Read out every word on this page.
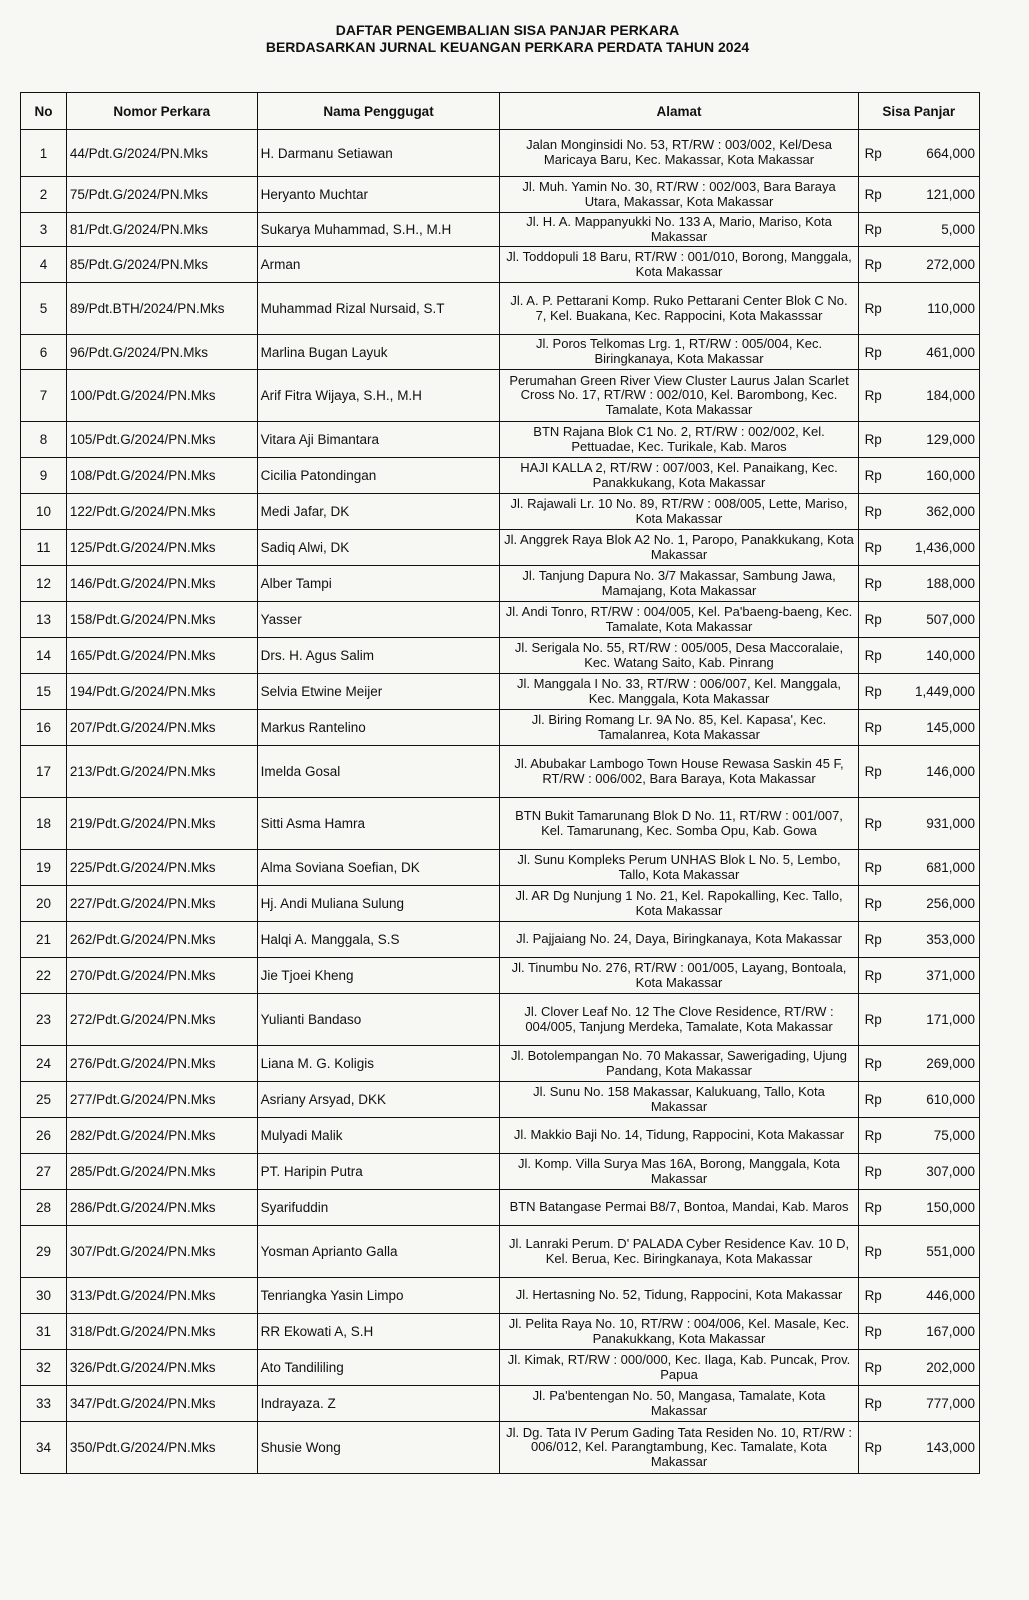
DAFTAR PENGEMBALIAN SISA PANJAR PERKARA
BERDASARKAN JURNAL KEUANGAN PERKARA PERDATA TAHUN 2024
No	Nomor Perkara	Nama Penggugat	Alamat	Sisa Panjar
1	44/Pdt.G/2024/PN.Mks	H. Darmanu Setiawan	Jalan Monginsidi No. 53, RT/RW : 003/002, Kel/Desa Maricaya Baru, Kec. Makassar, Kota Makassar	Rp 664,000

2	75/Pdt.G/2024/PN.Mks	Heryanto Muchtar	Jl. Muh. Yamin No. 30, RT/RW : 002/003, Bara Baraya Utara, Makassar, Kota Makassar	Rp 121,000

3	81/Pdt.G/2024/PN.Mks	Sukarya Muhammad, S.H., M.H	Jl. H. A. Mappanyukki No. 133 A, Mario, Mariso, Kota Makassar	Rp 5,000

4	85/Pdt.G/2024/PN.Mks	Arman	Jl. Toddopuli 18 Baru, RT/RW : 001/010, Borong, Manggala, Kota Makassar	Rp 272,000

5	89/Pdt.BTH/2024/PN.Mks	Muhammad Rizal Nursaid, S.T	Jl. A. P. Pettarani Komp. Ruko Pettarani Center Blok C No. 7, Kel. Buakana, Kec. Rappocini, Kota Makasssar	Rp 110,000

6	96/Pdt.G/2024/PN.Mks	Marlina Bugan Layuk	Jl. Poros Telkomas Lrg. 1, RT/RW : 005/004, Kec. Biringkanaya, Kota Makassar	Rp 461,000

7	100/Pdt.G/2024/PN.Mks	Arif Fitra Wijaya, S.H., M.H	Perumahan Green River View Cluster Laurus Jalan Scarlet Cross No. 17, RT/RW : 002/010, Kel. Barombong, Kec. Tamalate, Kota Makassar	Rp 184,000

8	105/Pdt.G/2024/PN.Mks	Vitara Aji Bimantara	BTN Rajana Blok C1 No. 2, RT/RW : 002/002, Kel. Pettuadae, Kec. Turikale, Kab. Maros	Rp 129,000

9	108/Pdt.G/2024/PN.Mks	Cicilia Patondingan	HAJI KALLA 2, RT/RW : 007/003, Kel. Panaikang, Kec. Panakkukang, Kota Makassar	Rp 160,000

10	122/Pdt.G/2024/PN.Mks	Medi Jafar, DK	Jl. Rajawali Lr. 10 No. 89, RT/RW : 008/005, Lette, Mariso, Kota Makassar	Rp 362,000

11	125/Pdt.G/2024/PN.Mks	Sadiq Alwi, DK	Jl. Anggrek Raya Blok A2 No. 1, Paropo, Panakkukang, Kota Makassar	Rp 1,436,000

12	146/Pdt.G/2024/PN.Mks	Alber Tampi	Jl. Tanjung Dapura No. 3/7 Makassar, Sambung Jawa, Mamajang, Kota Makassar	Rp 188,000

13	158/Pdt.G/2024/PN.Mks	Yasser	Jl. Andi Tonro, RT/RW : 004/005, Kel. Pa'baeng-baeng, Kec. Tamalate, Kota Makassar	Rp 507,000

14	165/Pdt.G/2024/PN.Mks	Drs. H. Agus Salim	Jl. Serigala No. 55, RT/RW : 005/005, Desa Maccoralaie, Kec. Watang Saito, Kab. Pinrang	Rp 140,000

15	194/Pdt.G/2024/PN.Mks	Selvia Etwine Meijer	Jl. Manggala I No. 33, RT/RW : 006/007, Kel. Manggala, Kec. Manggala, Kota Makassar	Rp 1,449,000

16	207/Pdt.G/2024/PN.Mks	Markus Rantelino	Jl. Biring Romang Lr. 9A No. 85, Kel. Kapasa', Kec. Tamalanrea, Kota Makassar	Rp 145,000

17	213/Pdt.G/2024/PN.Mks	Imelda Gosal	Jl. Abubakar Lambogo Town House Rewasa Saskin 45 F, RT/RW : 006/002, Bara Baraya, Kota Makassar	Rp 146,000

18	219/Pdt.G/2024/PN.Mks	Sitti Asma Hamra	BTN Bukit Tamarunang Blok D No. 11, RT/RW : 001/007, Kel. Tamarunang, Kec. Somba Opu, Kab. Gowa	Rp 931,000

19	225/Pdt.G/2024/PN.Mks	Alma Soviana Soefian, DK	Jl. Sunu Kompleks Perum UNHAS Blok L No. 5, Lembo, Tallo, Kota Makassar	Rp 681,000

20	227/Pdt.G/2024/PN.Mks	Hj. Andi Muliana Sulung	Jl. AR Dg Nunjung 1 No. 21, Kel. Rapokalling, Kec. Tallo, Kota Makassar	Rp 256,000

21	262/Pdt.G/2024/PN.Mks	Halqi A. Manggala, S.S	Jl. Pajjaiang No. 24, Daya, Biringkanaya, Kota Makassar	Rp 353,000

22	270/Pdt.G/2024/PN.Mks	Jie Tjoei Kheng	Jl. Tinumbu No. 276, RT/RW : 001/005, Layang, Bontoala, Kota Makassar	Rp 371,000

23	272/Pdt.G/2024/PN.Mks	Yulianti Bandaso	Jl. Clover Leaf No. 12 The Clove Residence, RT/RW : 004/005, Tanjung Merdeka, Tamalate, Kota Makassar	Rp 171,000

24	276/Pdt.G/2024/PN.Mks	Liana M. G. Koligis	Jl. Botolempangan No. 70 Makassar, Sawerigading, Ujung Pandang, Kota Makassar	Rp 269,000

25	277/Pdt.G/2024/PN.Mks	Asriany Arsyad, DKK	Jl. Sunu No. 158 Makassar, Kalukuang, Tallo, Kota Makassar	Rp 610,000

26	282/Pdt.G/2024/PN.Mks	Mulyadi Malik	Jl. Makkio Baji No. 14, Tidung, Rappocini, Kota Makassar	Rp 75,000

27	285/Pdt.G/2024/PN.Mks	PT. Haripin Putra	Jl. Komp. Villa Surya Mas 16A, Borong, Manggala, Kota Makassar	Rp 307,000

28	286/Pdt.G/2024/PN.Mks	Syarifuddin	BTN Batangase Permai B8/7, Bontoa, Mandai, Kab. Maros	Rp 150,000

29	307/Pdt.G/2024/PN.Mks	Yosman Aprianto Galla	Jl. Lanraki Perum. D' PALADA Cyber Residence Kav. 10 D, Kel. Berua, Kec. Biringkanaya, Kota Makassar	Rp 551,000

30	313/Pdt.G/2024/PN.Mks	Tenriangka Yasin Limpo	Jl. Hertasning No. 52, Tidung, Rappocini, Kota Makassar	Rp 446,000

31	318/Pdt.G/2024/PN.Mks	RR Ekowati A, S.H	Jl. Pelita Raya No. 10, RT/RW : 004/006, Kel. Masale, Kec. Panakukkang, Kota Makassar	Rp 167,000

32	326/Pdt.G/2024/PN.Mks	Ato Tandililing	Jl. Kimak, RT/RW : 000/000, Kec. Ilaga, Kab. Puncak, Prov. Papua	Rp 202,000

33	347/Pdt.G/2024/PN.Mks	Indrayaza. Z	Jl. Pa'bentengan No. 50, Mangasa, Tamalate, Kota Makassar	Rp 777,000

34	350/Pdt.G/2024/PN.Mks	Shusie Wong	Jl. Dg. Tata IV Perum Gading Tata Residen No. 10, RT/RW : 006/012, Kel. Parangtambung, Kec. Tamalate, Kota Makassar	Rp 143,000
